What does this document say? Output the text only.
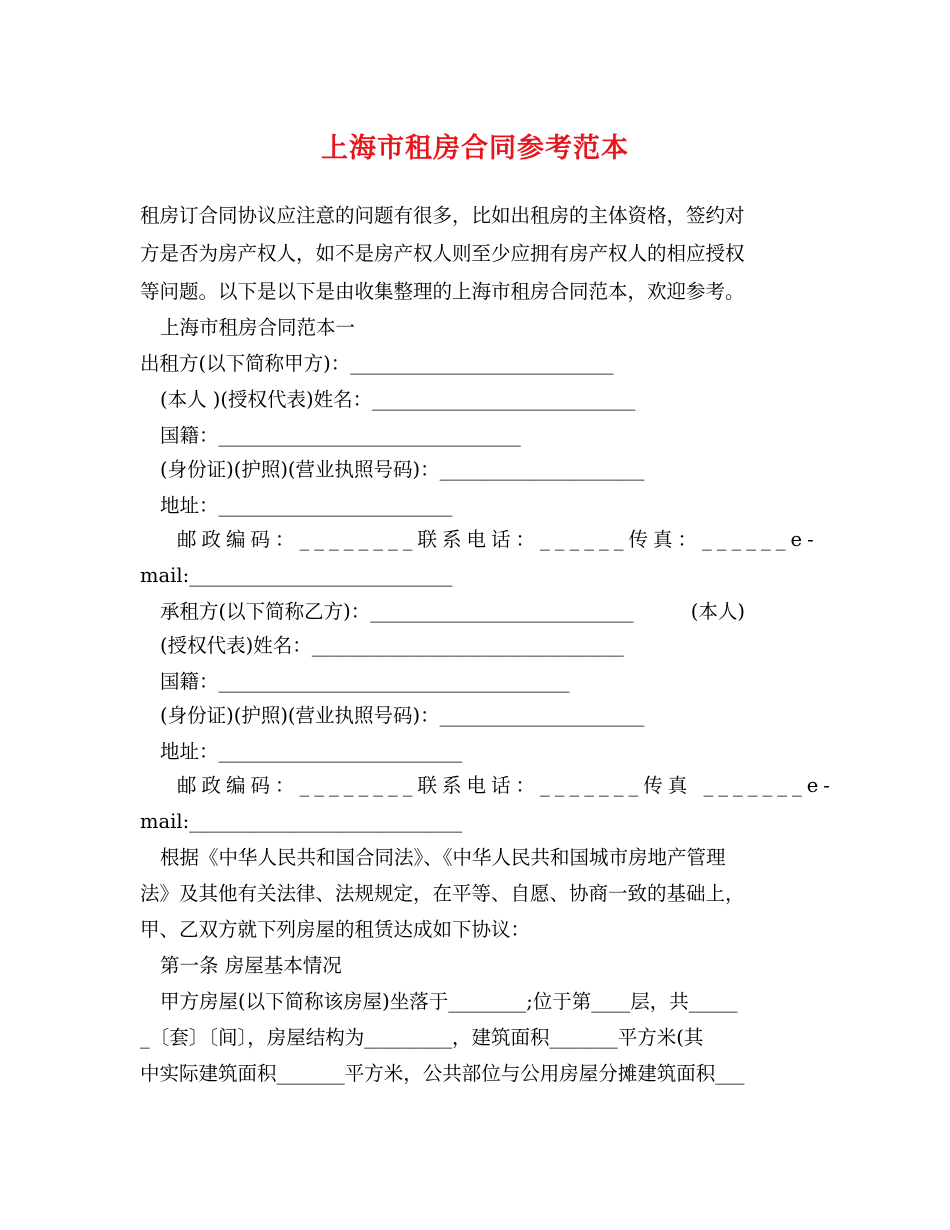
上海市租房合同参考范本
租房订合同协议应注意的问题有很多，比如出租房的主体资格，签约对
方是否为房产权人，如不是房产权人则至少应拥有房产权人的相应授权
等问题。以下是以下是由收集整理的上海市租房合同范本，欢迎参考。
上海市租房合同范本一
出租方(以下简称甲方)：___________________________
(本人 )(授权代表)姓名：___________________________
国籍：_______________________________
(身份证)(护照)(营业执照号码)：_____________________
地址：________________________
邮政编码：________ 联系电话：______ 传真：______e-
mail:___________________________
承租方(以下简称乙方)：___________________________	(本人)
(授权代表)姓名：________________________________
国籍：____________________________________
(身份证)(护照)(营业执照号码)：_____________________
地址：_________________________
邮政编码：________ 联系电话：_______ 传真 _______e-
mail:____________________________
根据《中华人民共和国合同法》、《中华人民共和国城市房地产管理
法》及其他有关法律、法规规定，在平等、自愿、协商一致的基础上，
甲、乙双方就下列房屋的租赁达成如下协议：
第一条 房屋基本情况
甲方房屋(以下简称该房屋)坐落于________;位于第____层，共_____
_〔套〕〔间〕，房屋结构为_________，建筑面积_______平方米(其
中实际建筑面积_______平方米，公共部位与公用房屋分摊建筑面积___
